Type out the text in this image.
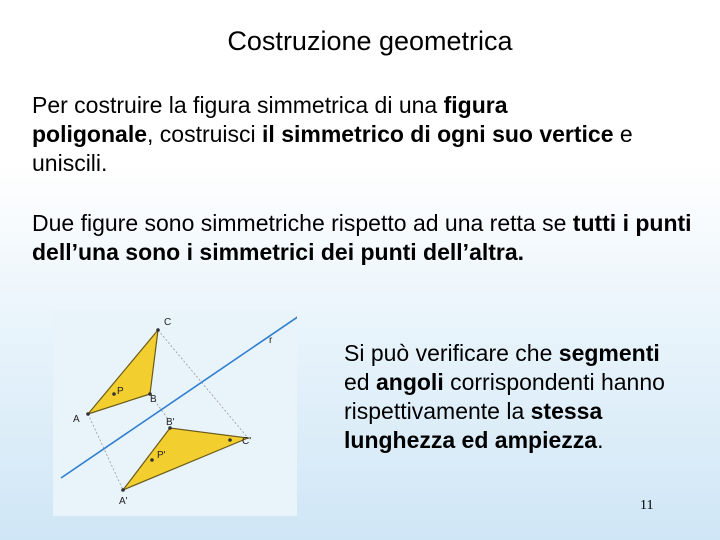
Costruzione geometrica
Per costruire la figura simmetrica di una figura
poligonale, costruisci il simmetrico di ogni suo vertice e uniscili.
Due figure sono simmetriche rispetto ad una retta se tutti i punti dell’una sono i simmetrici dei punti dell’altra.
r
C
A
B
P
C'
A'
B'
P'
Si può verificare che segmenti ed angoli corrispondenti hanno rispettivamente la stessa lunghezza ed ampiezza.
11
